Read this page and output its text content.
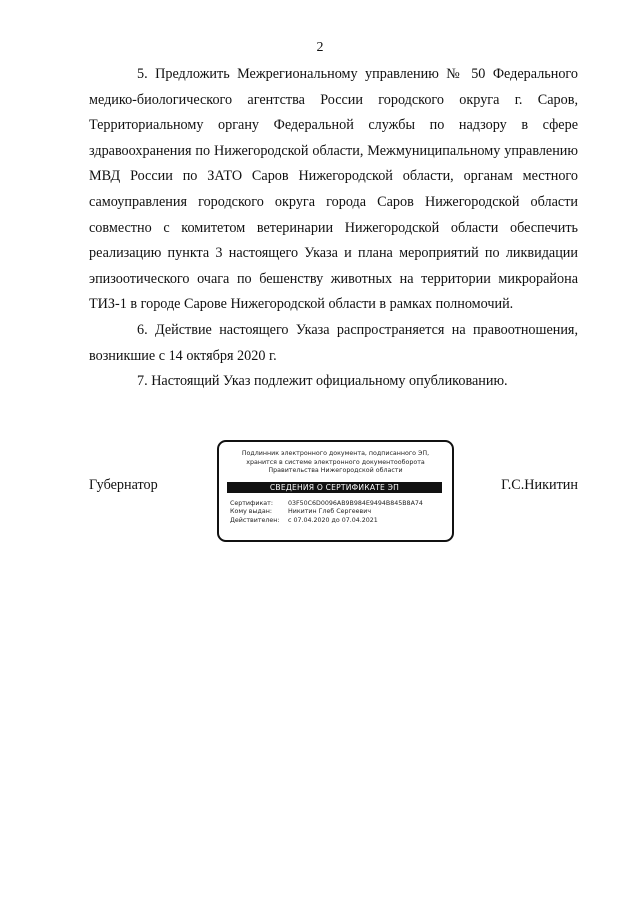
2

5. Предложить Межрегиональному управлению № 50 Федерального медико-биологического агентства России городского округа г. Саров, Территориальному органу Федеральной службы по надзору в сфере здравоохранения по Нижегородской области, Межмуниципальному управлению МВД России по ЗАТО Саров Нижегородской области, органам местного самоуправления городского округа города Саров Нижегородской области совместно с комитетом ветеринарии Нижегородской области обеспечить реализацию пункта 3 настоящего Указа и плана мероприятий по ликвидации эпизоотического очага по бешенству животных на территории микрорайона ТИЗ-1 в городе Сарове Нижегородской области в рамках полномочий.

6. Действие настоящего Указа распространяется на правоотношения, возникшие с 14 октября 2020 г.

7. Настоящий Указ подлежит официальному опубликованию.

Губернатор
Подлинник электронного документа, подписанного ЭП,
хранится в системе электронного документооборота
Правительства Нижегородской области
СВЕДЕНИЯ О СЕРТИФИКАТЕ ЭП
Сертификат: 03F50C6D0096AB9B984E9494B845B8A74
Кому выдан:	Никитин Глеб Сергеевич
Действителен: с 07.04.2020 до 07.04.2021
Г.С.Никитин
